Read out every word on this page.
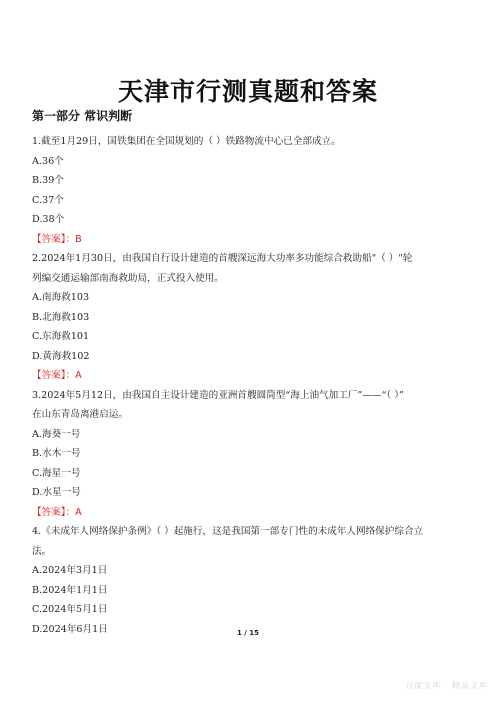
天津市行测真题和答案
第一部分 常识判断
1.截至1月29日，国铁集团在全国规划的（ ）铁路物流中心已全部成立。
A.36个
B.39个
C.37个
D.38个
【答案】：B
2.2024年1月30日，由我国自行设计建造的首艘深远海大功率多功能综合救助船"（ ）"轮
列编交通运输部南海救助局，正式投入使用。
A.南海救103
B.北海救103
C.东海救101
D.黄海救102
【答案】：A
3.2024年5月12日，由我国自主设计建造的亚洲首艘圆筒型“海上油气加工厂”——“（ ）”
在山东青岛离港启运。
A.海葵一号
B.水木一号
C.海星一号
D.水星一号
【答案】：A
4.《未成年人网络保护条例》（ ）起施行，这是我国第一部专门性的未成年人网络保护综合立
法。
A.2024年3月1日
B.2024年1月1日
C.2024年5月1日
D.2024年6月1日	1 / 15
百度文库 · 精品文库
